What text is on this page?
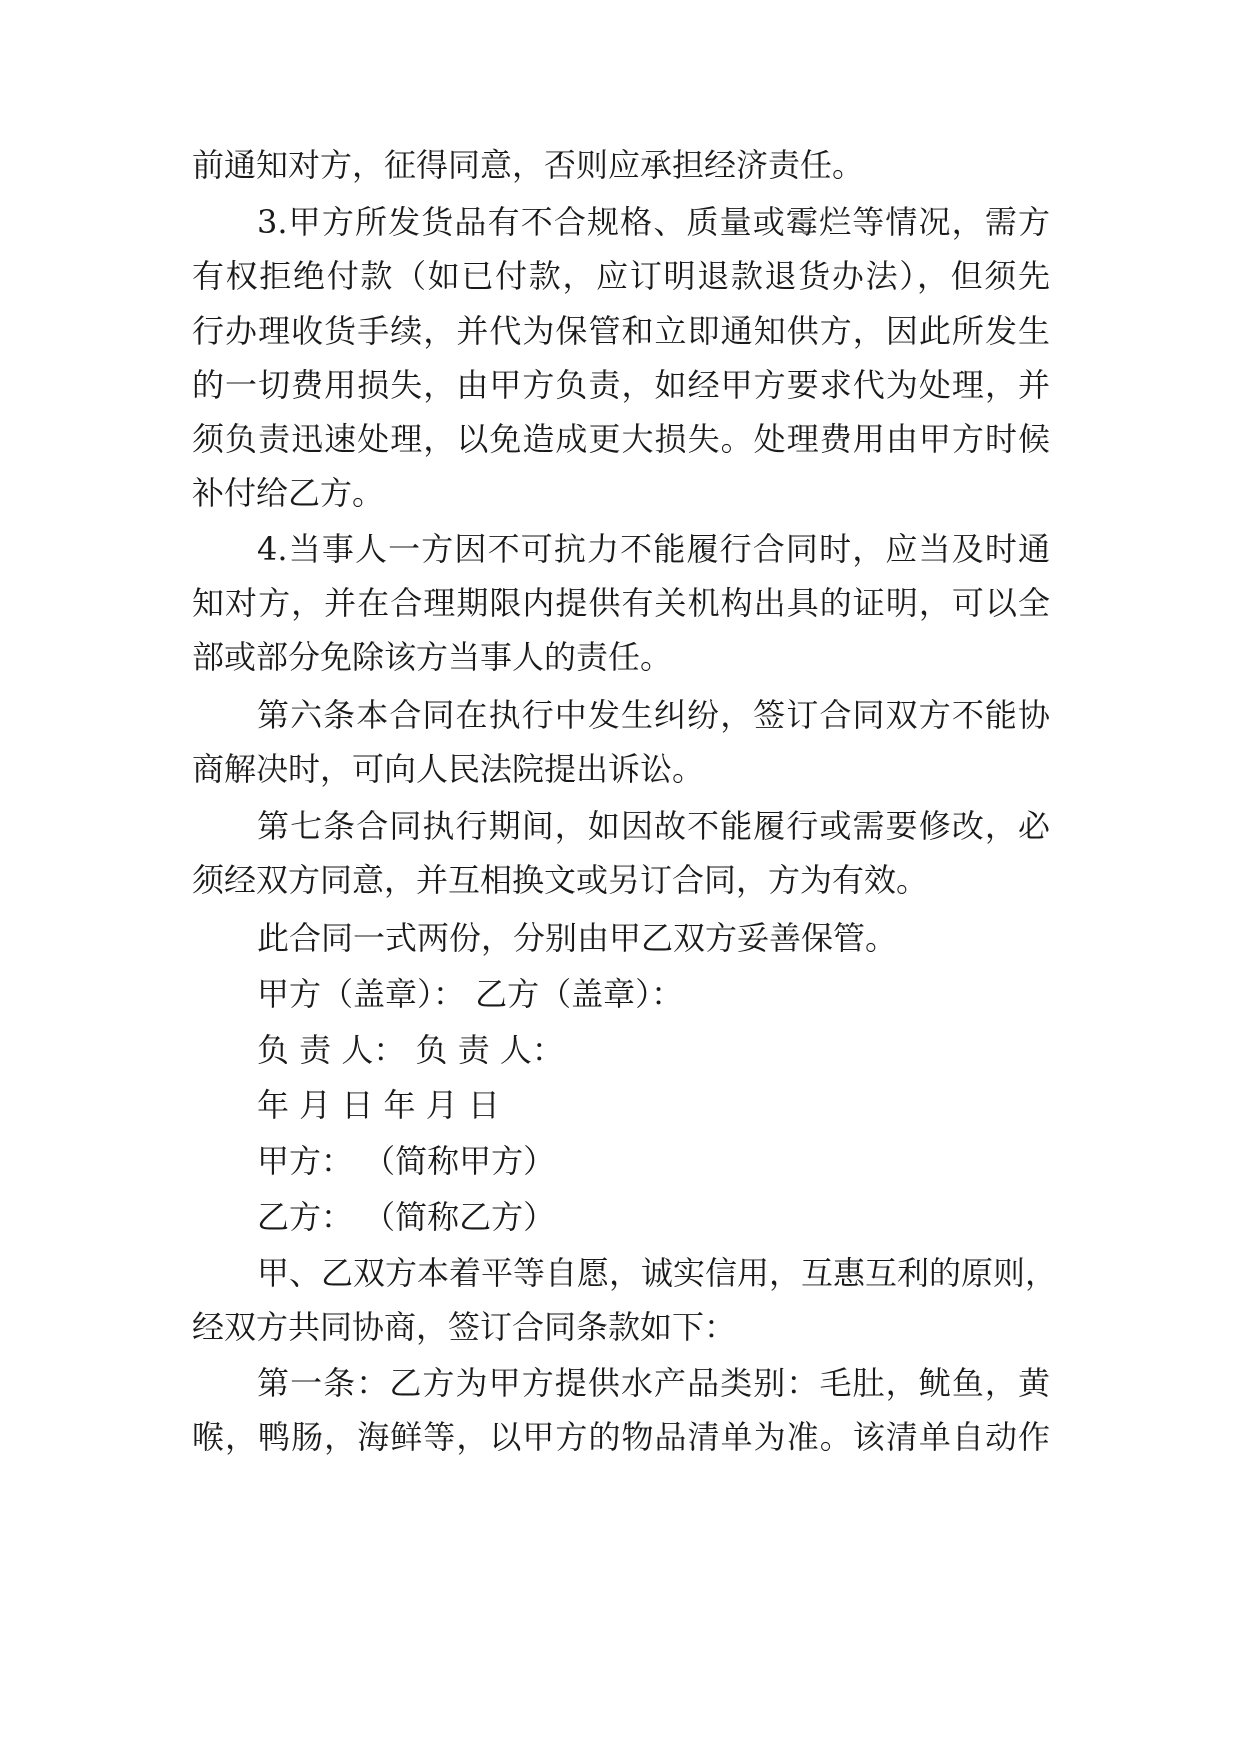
前通知对方，征得同意，否则应承担经济责任。
3.甲方所发货品有不合规格、质量或霉烂等情况，需方
有权拒绝付款（如已付款，应订明退款退货办法），但须先
行办理收货手续，并代为保管和立即通知供方，因此所发生
的一切费用损失，由甲方负责，如经甲方要求代为处理，并
须负责迅速处理，以免造成更大损失。处理费用由甲方时候
补付给乙方。
4.当事人一方因不可抗力不能履行合同时，应当及时通
知对方，并在合理期限内提供有关机构出具的证明，可以全
部或部分免除该方当事人的责任。
第六条本合同在执行中发生纠纷，签订合同双方不能协
商解决时，可向人民法院提出诉讼。
第七条合同执行期间，如因故不能履行或需要修改，必
须经双方同意，并互相换文或另订合同，方为有效。
此合同一式两份，分别由甲乙双方妥善保管。
甲方（盖章）： 乙方（盖章）：
负 责 人： 负 责 人：
年 月 日 年 月 日
甲方： （简称甲方）
乙方： （简称乙方）
甲、乙双方本着平等自愿，诚实信用，互惠互利的原则，
经双方共同协商，签订合同条款如下：
第一条：乙方为甲方提供水产品类别：毛肚，鱿鱼，黄
喉，鸭肠，海鲜等，以甲方的物品清单为准。该清单自动作
